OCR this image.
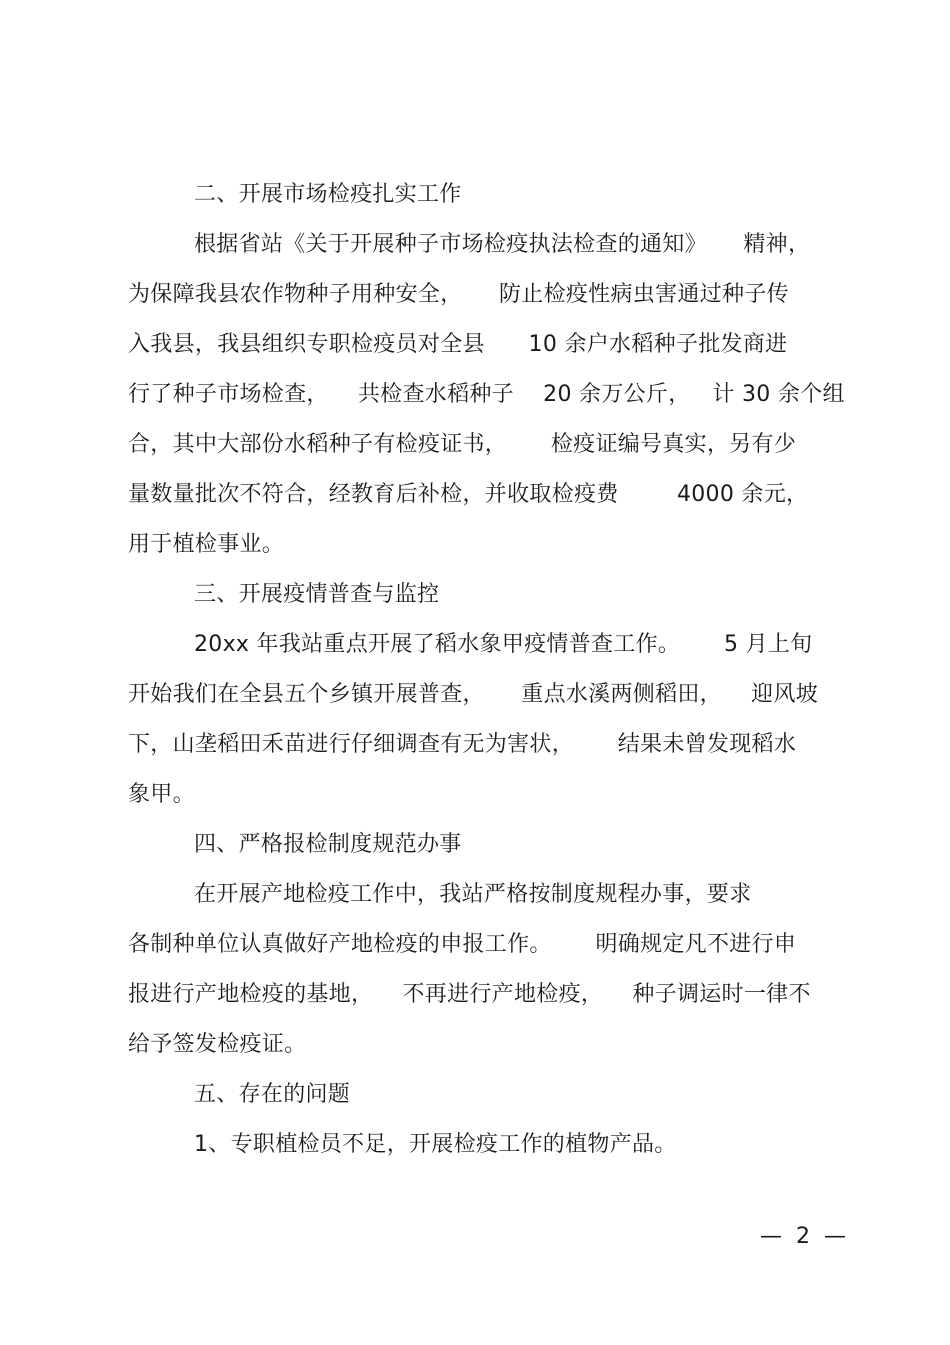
二、开展市场检疫扎实工作
根据省站《关于开展种子市场检疫执法检查的通知》     精神，
为保障我县农作物种子用种安全，     防止检疫性病虫害通过种子传
入我县，我县组织专职检疫员对全县      10 余户水稻种子批发商进
行了种子市场检查，    共检查水稻种子    20 余万公斤，   计 30 余个组
合，其中大部份水稻种子有检疫证书，      检疫证编号真实，另有少
量数量批次不符合，经教育后补检，并收取检疫费        4000 余元，
用于植检事业。
三、开展疫情普查与监控
20xx 年我站重点开展了稻水象甲疫情普查工作。      5 月上旬
开始我们在全县五个乡镇开展普查，     重点水溪两侧稻田，    迎风坡
下，山垄稻田禾苗进行仔细调查有无为害状，      结果未曾发现稻水
象甲。
四、严格报检制度规范办事
在开展产地检疫工作中，我站严格按制度规程办事，要求
各制种单位认真做好产地检疫的申报工作。      明确规定凡不进行申
报进行产地检疫的基地，    不再进行产地检疫，    种子调运时一律不
给予签发检疫证。
五、存在的问题
1、专职植检员不足，开展检疫工作的植物产品。
—  2  —
